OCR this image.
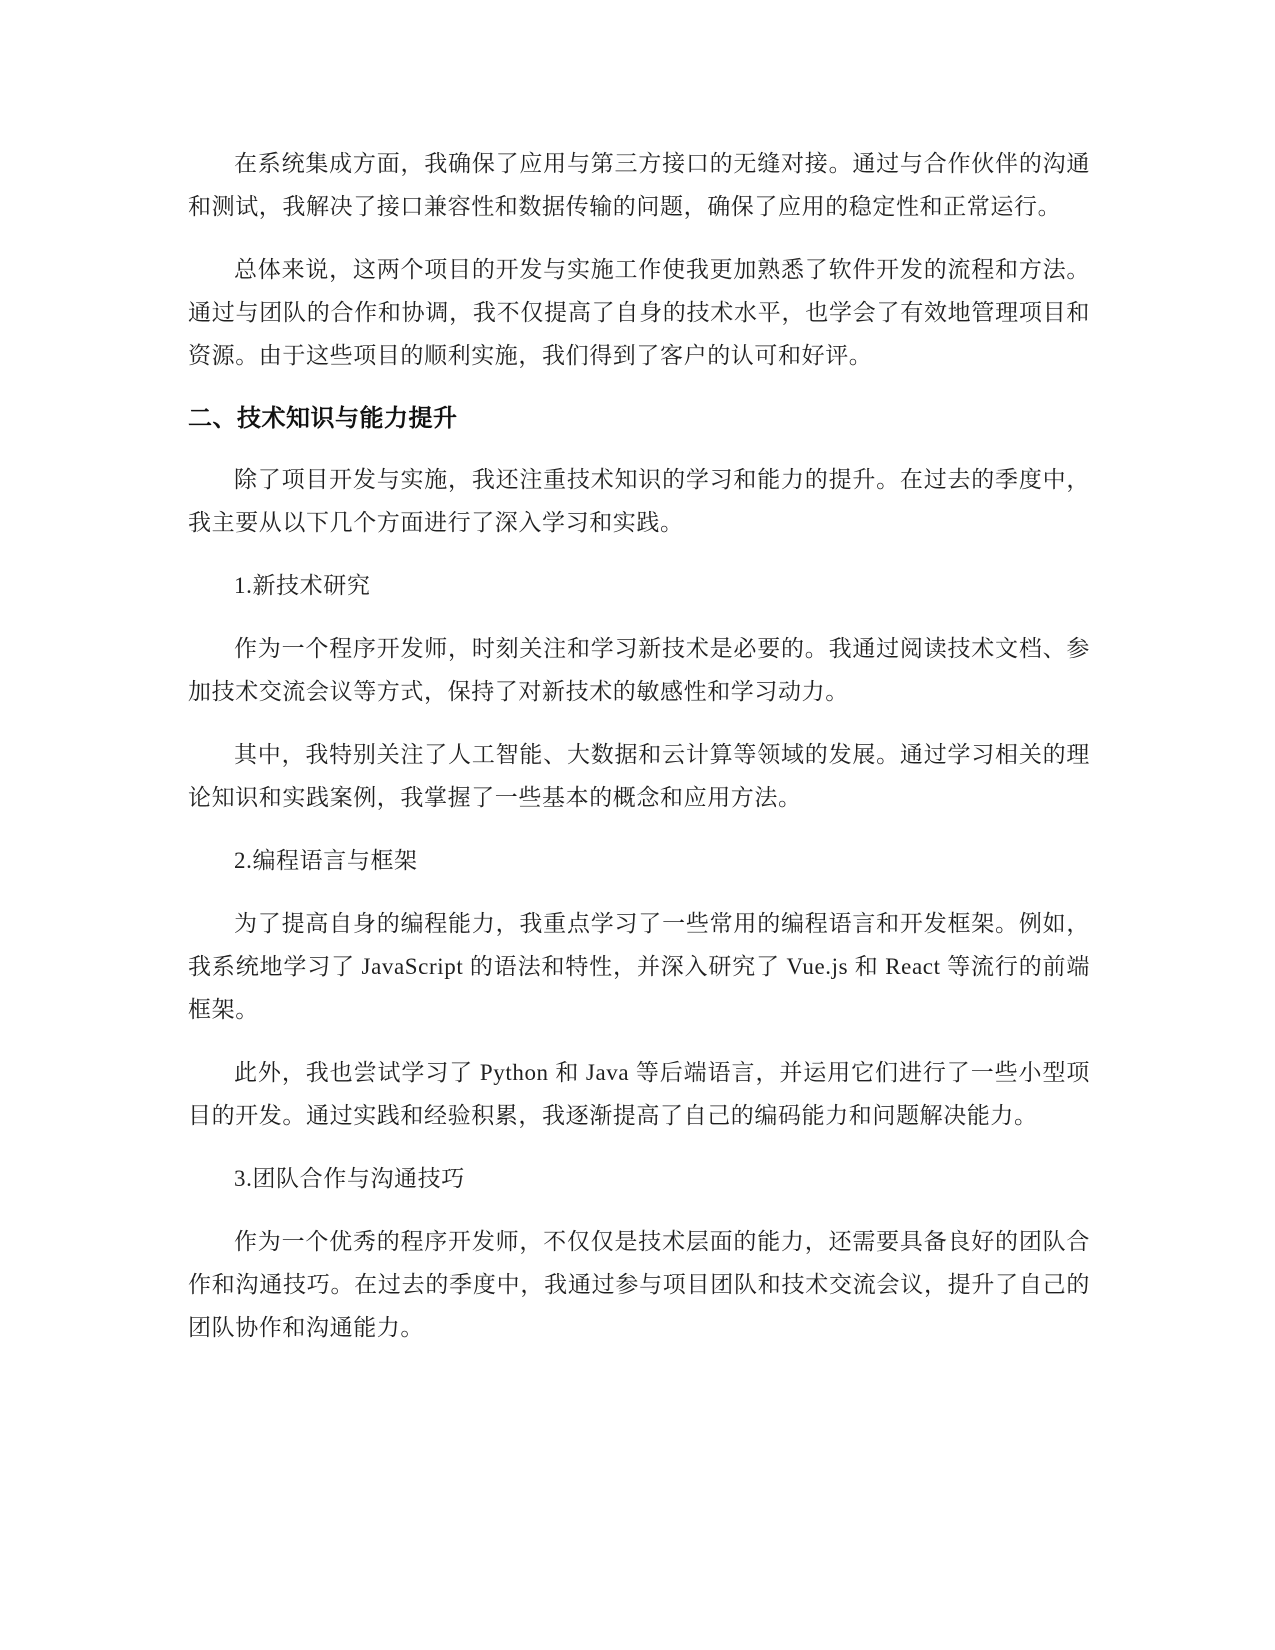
在系统集成方面，我确保了应用与第三方接口的无缝对接。通过与合作伙伴的沟通和测试，我解决了接口兼容性和数据传输的问题，确保了应用的稳定性和正常运行。

总体来说，这两个项目的开发与实施工作使我更加熟悉了软件开发的流程和方法。通过与团队的合作和协调，我不仅提高了自身的技术水平，也学会了有效地管理项目和资源。由于这些项目的顺利实施，我们得到了客户的认可和好评。

二、技术知识与能力提升

除了项目开发与实施，我还注重技术知识的学习和能力的提升。在过去的季度中，我主要从以下几个方面进行了深入学习和实践。

1.新技术研究

作为一个程序开发师，时刻关注和学习新技术是必要的。我通过阅读技术文档、参加技术交流会议等方式，保持了对新技术的敏感性和学习动力。

其中，我特别关注了人工智能、大数据和云计算等领域的发展。通过学习相关的理论知识和实践案例，我掌握了一些基本的概念和应用方法。

2.编程语言与框架

为了提高自身的编程能力，我重点学习了一些常用的编程语言和开发框架。例如，我系统地学习了 JavaScript 的语法和特性，并深入研究了 Vue.js 和 React 等流行的前端框架。

此外，我也尝试学习了 Python 和 Java 等后端语言，并运用它们进行了一些小型项目的开发。通过实践和经验积累，我逐渐提高了自己的编码能力和问题解决能力。

3.团队合作与沟通技巧

作为一个优秀的程序开发师，不仅仅是技术层面的能力，还需要具备良好的团队合作和沟通技巧。在过去的季度中，我通过参与项目团队和技术交流会议，提升了自己的团队协作和沟通能力。
